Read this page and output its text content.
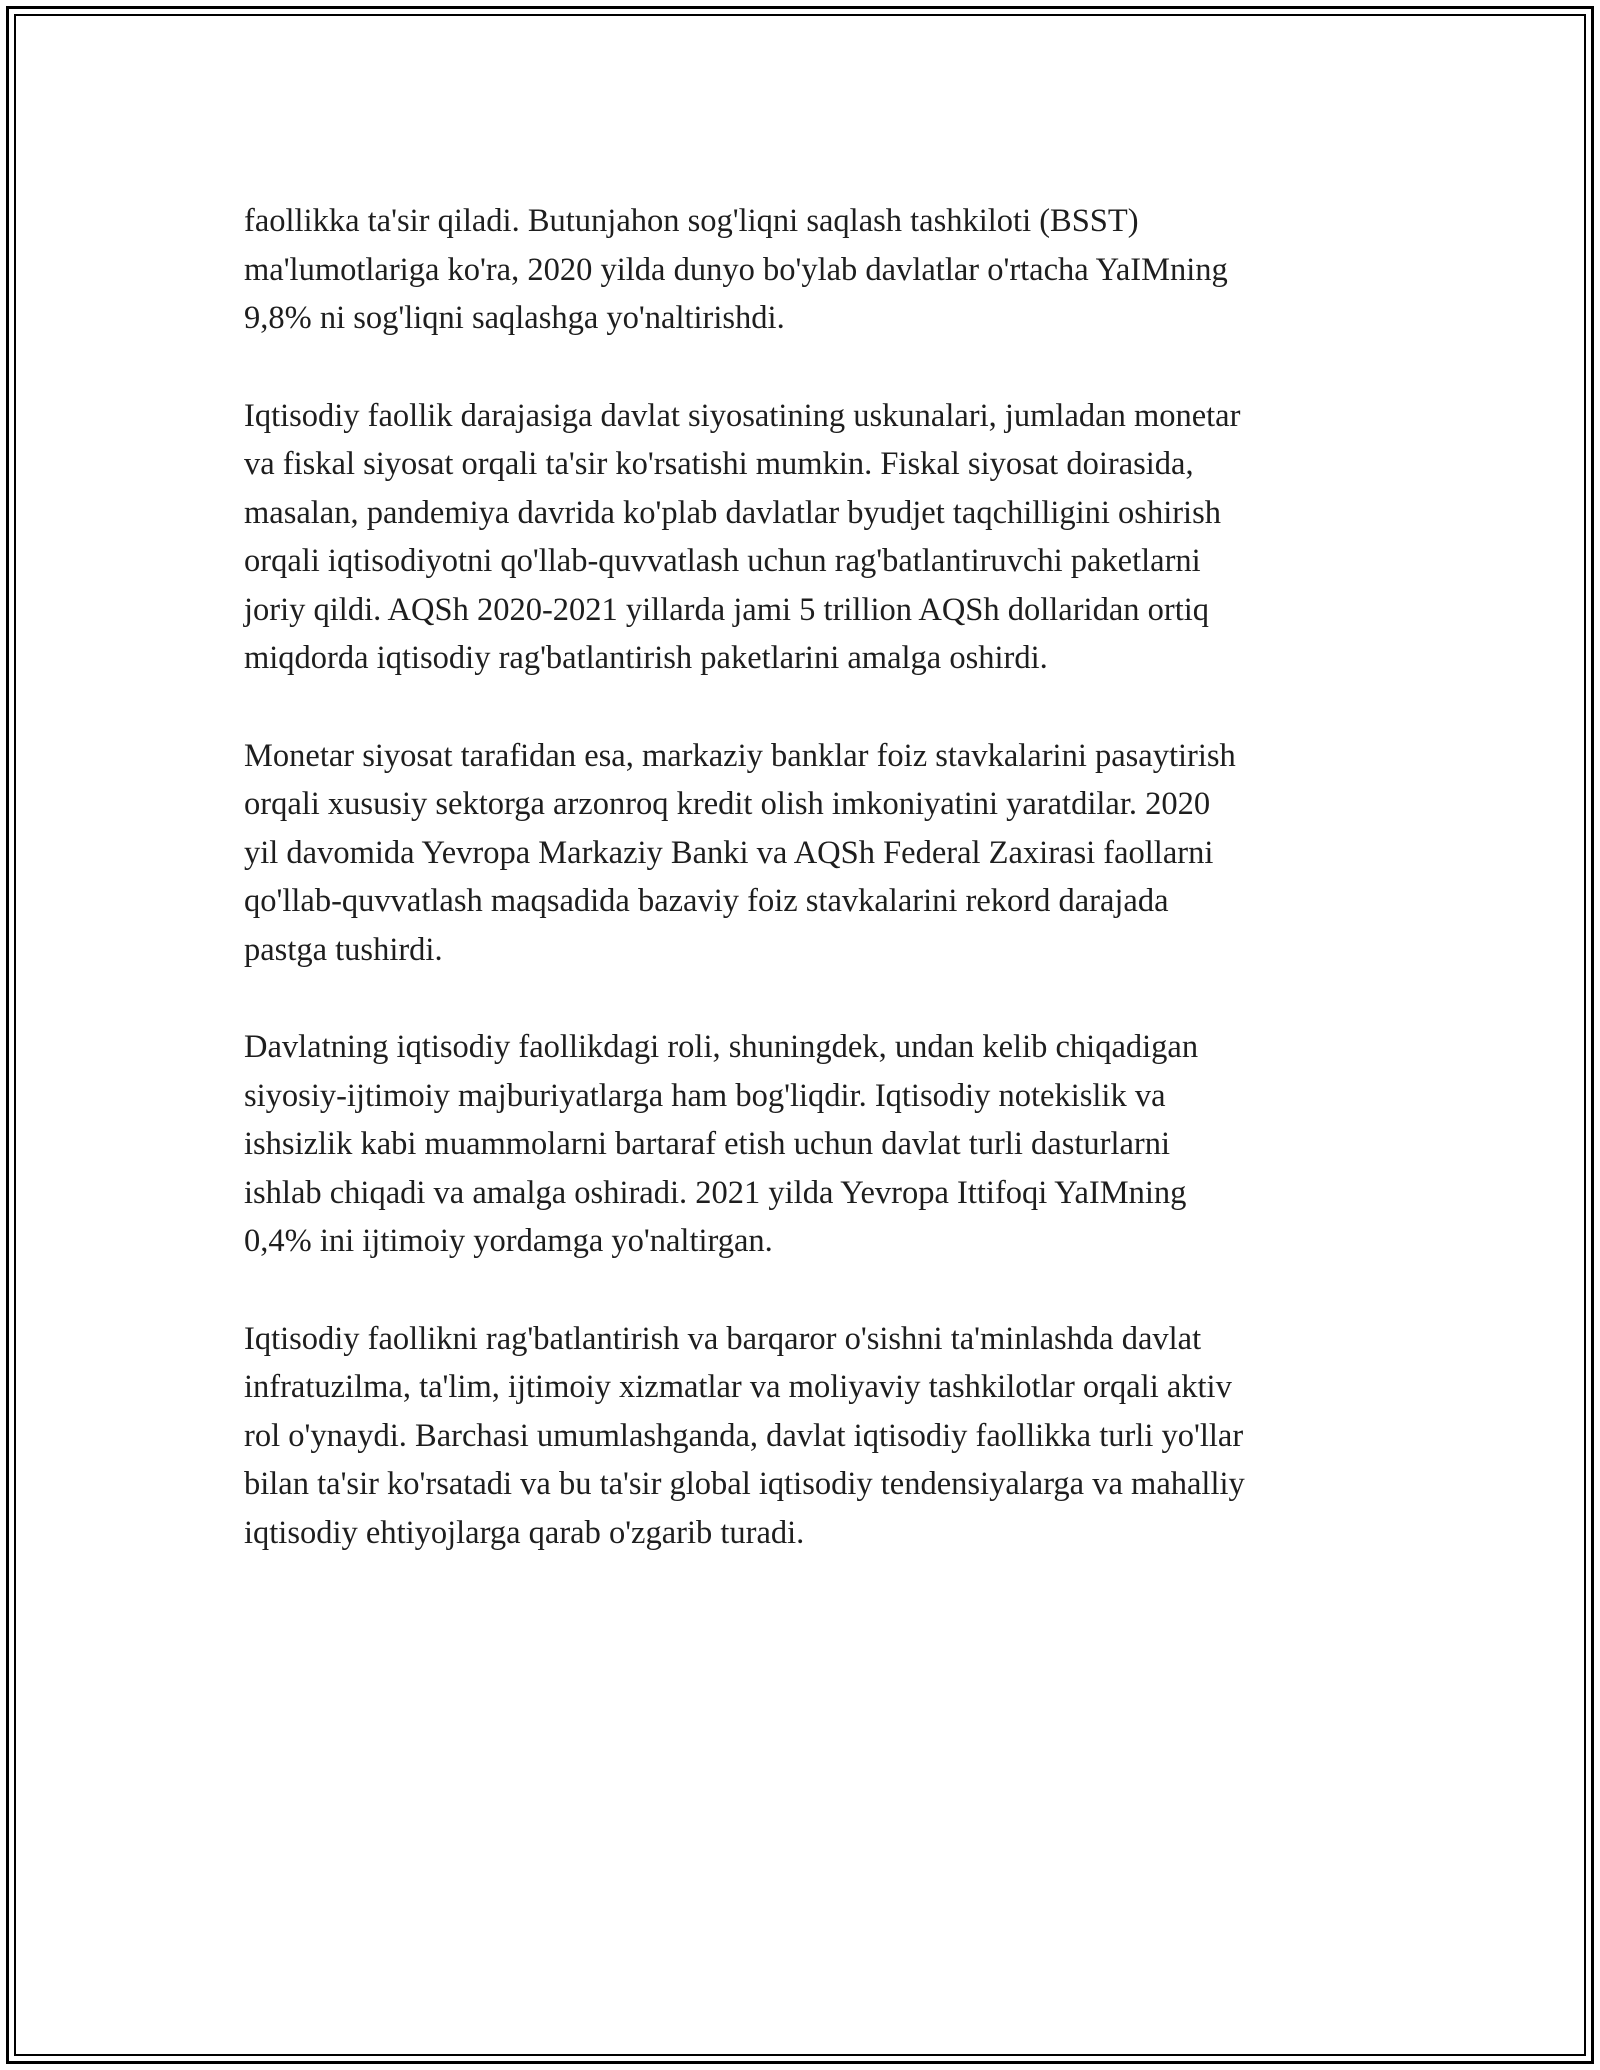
faollikka ta'sir qiladi. Butunjahon sog'liqni saqlash tashkiloti (BSST)
ma'lumotlariga ko'ra, 2020 yilda dunyo bo'ylab davlatlar o'rtacha YaIMning
9,8% ni sog'liqni saqlashga yo'naltirishdi.

Iqtisodiy faollik darajasiga davlat siyosatining uskunalari, jumladan monetar
va fiskal siyosat orqali ta'sir ko'rsatishi mumkin. Fiskal siyosat doirasida,
masalan, pandemiya davrida ko'plab davlatlar byudjet taqchilligini oshirish
orqali iqtisodiyotni qo'llab-quvvatlash uchun rag'batlantiruvchi paketlarni
joriy qildi. AQSh 2020-2021 yillarda jami 5 trillion AQSh dollaridan ortiq
miqdorda iqtisodiy rag'batlantirish paketlarini amalga oshirdi.

Monetar siyosat tarafidan esa, markaziy banklar foiz stavkalarini pasaytirish
orqali xususiy sektorga arzonroq kredit olish imkoniyatini yaratdilar. 2020
yil davomida Yevropa Markaziy Banki va AQSh Federal Zaxirasi faollarni
qo'llab-quvvatlash maqsadida bazaviy foiz stavkalarini rekord darajada
pastga tushirdi.

Davlatning iqtisodiy faollikdagi roli, shuningdek, undan kelib chiqadigan
siyosiy-ijtimoiy majburiyatlarga ham bog'liqdir. Iqtisodiy notekislik va
ishsizlik kabi muammolarni bartaraf etish uchun davlat turli dasturlarni
ishlab chiqadi va amalga oshiradi. 2021 yilda Yevropa Ittifoqi YaIMning
0,4% ini ijtimoiy yordamga yo'naltirgan.

Iqtisodiy faollikni rag'batlantirish va barqaror o'sishni ta'minlashda davlat
infratuzilma, ta'lim, ijtimoiy xizmatlar va moliyaviy tashkilotlar orqali aktiv
rol o'ynaydi. Barchasi umumlashganda, davlat iqtisodiy faollikka turli yo'llar
bilan ta'sir ko'rsatadi va bu ta'sir global iqtisodiy tendensiyalarga va mahalliy
iqtisodiy ehtiyojlarga qarab o'zgarib turadi.
